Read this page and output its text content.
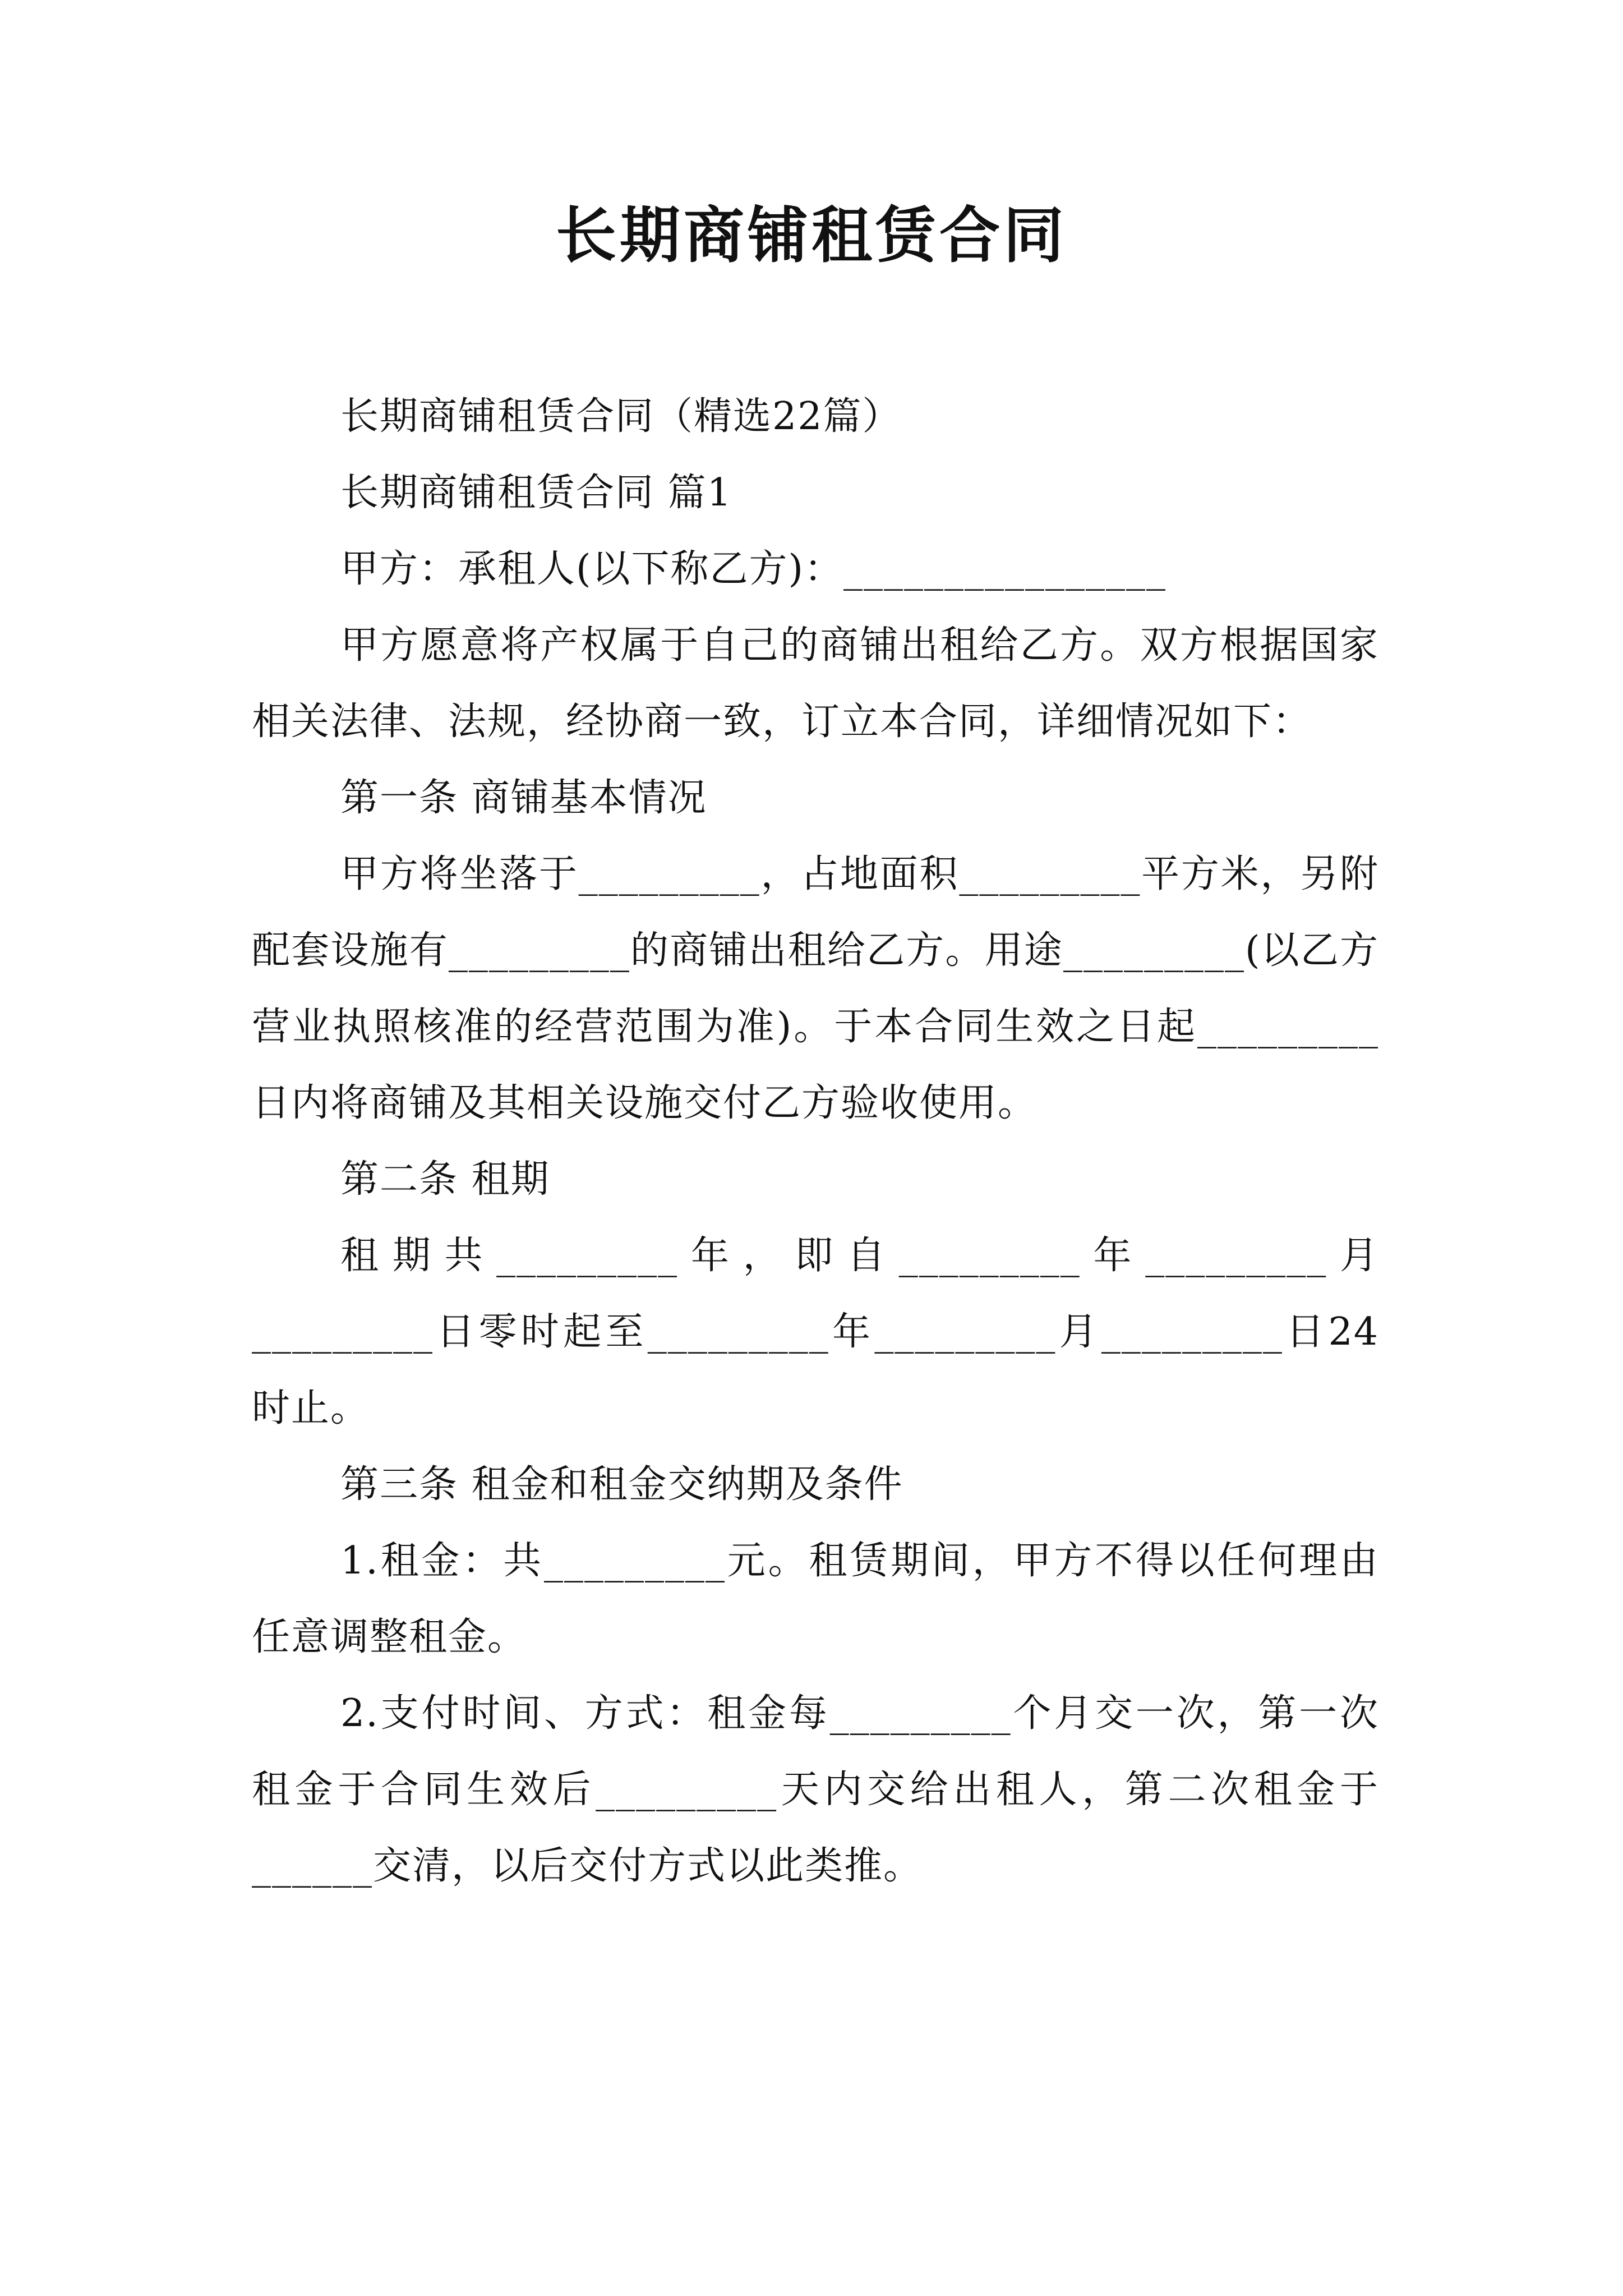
长期商铺租赁合同

长期商铺租赁合同（精选22篇）

长期商铺租赁合同 篇1

甲方：承租人(以下称乙方)：________________

甲方愿意将产权属于自己的商铺出租给乙方。双方根据国家相关法律、法规，经协商一致，订立本合同，详细情况如下：

第一条 商铺基本情况

甲方将坐落于_________，占地面积_________平方米，另附配套设施有_________的商铺出租给乙方。用途_________(以乙方营业执照核准的经营范围为准)。于本合同生效之日起_________日内将商铺及其相关设施交付乙方验收使用。

第二条 租期

租期共_________年，即自_________年_________月_________日零时起至_________年_________月_________日24时止。

第三条 租金和租金交纳期及条件

1.租金：共_________元。租赁期间，甲方不得以任何理由任意调整租金。

2.支付时间、方式：租金每_________个月交一次，第一次租金于合同生效后_________天内交给出租人，第二次租金于______交清，以后交付方式以此类推。
